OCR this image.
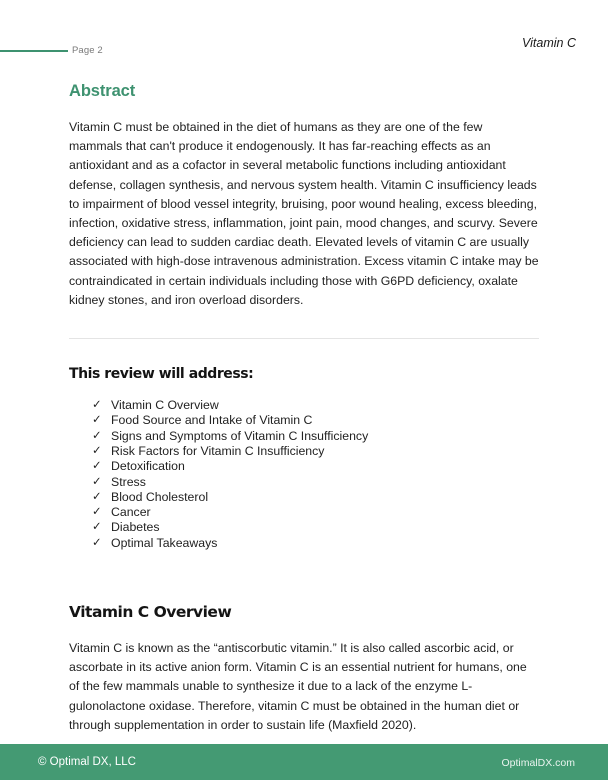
Page 2
Vitamin C
Abstract

Vitamin C must be obtained in the diet of humans as they are one of the few mammals that can't produce it endogenously. It has far-reaching effects as an antioxidant and as a cofactor in several metabolic functions including antioxidant defense, collagen synthesis, and nervous system health. Vitamin C insufficiency leads to impairment of blood vessel integrity, bruising, poor wound healing, excess bleeding, infection, oxidative stress, inflammation, joint pain, mood changes, and scurvy. Severe deficiency can lead to sudden cardiac death. Elevated levels of vitamin C are usually associated with high-dose intravenous administration. Excess vitamin C intake may be contraindicated in certain individuals including those with G6PD deficiency, oxalate kidney stones, and iron overload disorders.

This review will address:
✓ Vitamin C Overview
✓ Food Source and Intake of Vitamin C
✓ Signs and Symptoms of Vitamin C Insufficiency
✓ Risk Factors for Vitamin C Insufficiency
✓ Detoxification
✓ Stress
✓ Blood Cholesterol
✓ Cancer
✓ Diabetes
✓ Optimal Takeaways
Vitamin C Overview

Vitamin C is known as the “antiscorbutic vitamin.” It is also called ascorbic acid, or ascorbate in its active anion form. Vitamin C is an essential nutrient for humans, one of the few mammals unable to synthesize it due to a lack of the enzyme L-gulonolactone oxidase. Therefore, vitamin C must be obtained in the human diet or through supplementation in order to sustain life (Maxfield 2020).

© Optimal DX, LLC	OptimalDX.com
